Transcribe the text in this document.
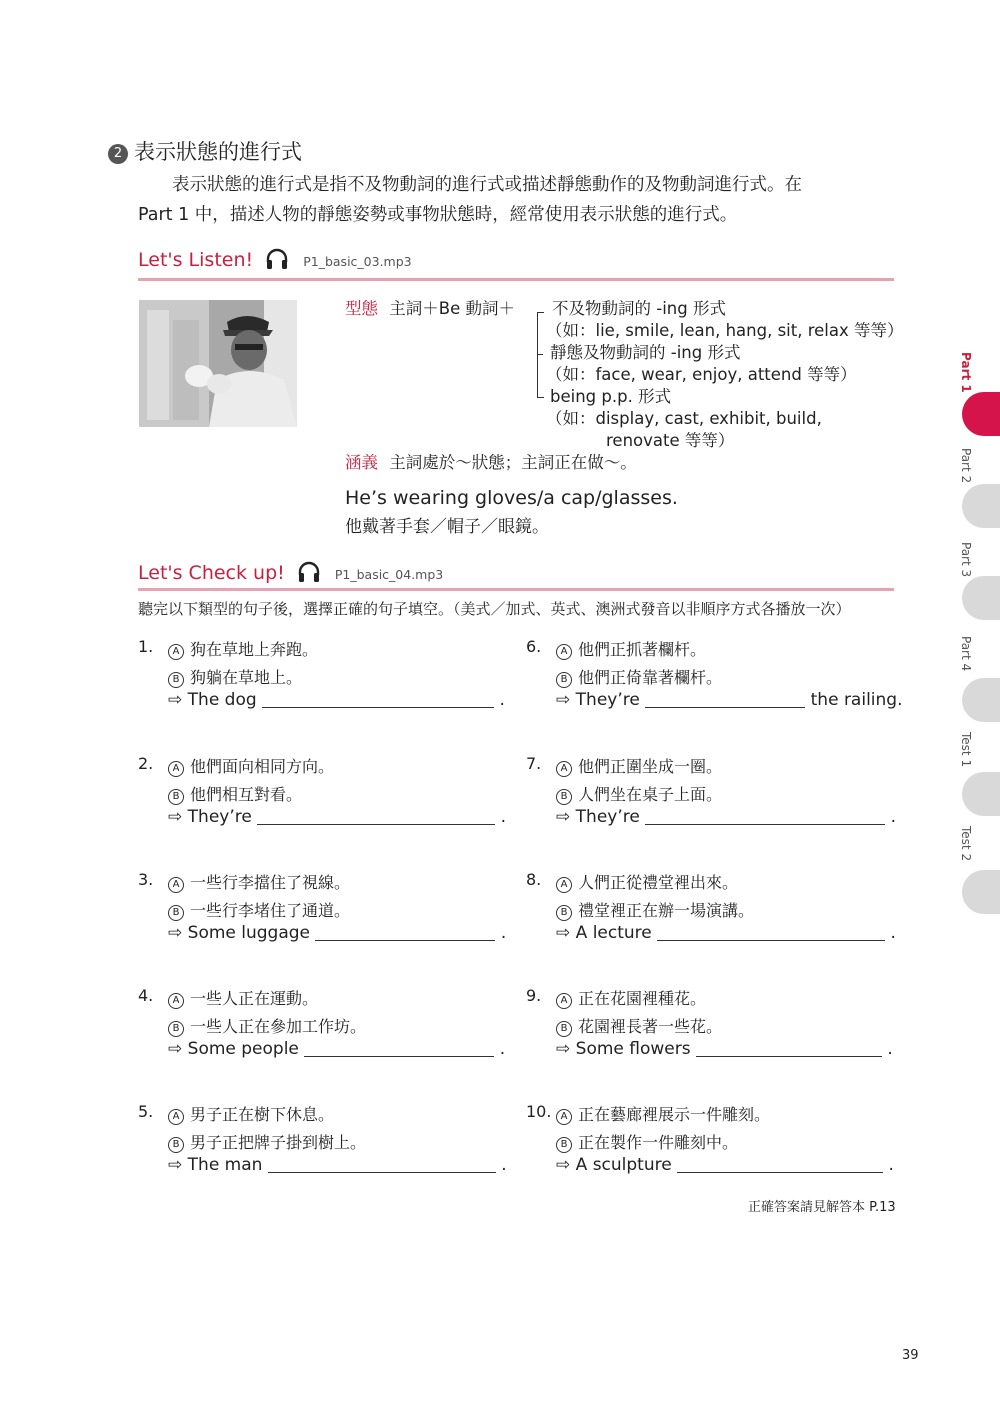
2 表示狀態的進行式
表示狀態的進行式是指不及物動詞的進行式或描述靜態動作的及物動詞進行式。在
Part 1 中，描述人物的靜態姿勢或事物狀態時，經常使用表示狀態的進行式。
Let's Listen!	P1_basic_03.mp3
型態 主詞＋Be 動詞＋ 不及物動詞的 -ing 形式
（如：lie, smile, lean, hang, sit, relax 等等）
靜態及物動詞的 -ing 形式
（如：face, wear, enjoy, attend 等等）
being p.p. 形式
（如：display, cast, exhibit, build,
renovate 等等）
涵義 主詞處於～狀態；主詞正在做～。
He’s wearing gloves/a cap/glasses.
他戴著手套／帽子／眼鏡。
Let's Check up!	P1_basic_04.mp3
聽完以下類型的句子後，選擇正確的句子填空。（美式／加式、英式、澳洲式發音以非順序方式各播放一次）
1.	A 狗在草地上奔跑。
B 狗躺在草地上。
⇨ The dog	.
2.	A 他們面向相同方向。
B 他們相互對看。
⇨ They’re	.
3.	A 一些行李擋住了視線。
B 一些行李堵住了通道。
⇨ Some luggage	.
4.	A 一些人正在運動。
B 一些人正在參加工作坊。
⇨ Some people	.
5.	A 男子正在樹下休息。
B 男子正把牌子掛到樹上。
⇨ The man	.
6.	A 他們正抓著欄杆。
B 他們正倚靠著欄杆。
⇨ They’re	the railing.
7.	A 他們正圍坐成一圈。
B 人們坐在桌子上面。
⇨ They’re	.
8.	A 人們正從禮堂裡出來。
B 禮堂裡正在辦一場演講。
⇨ A lecture	.
9.	A 正在花園裡種花。
B 花園裡長著一些花。
⇨ Some flowers	.
10. A 正在藝廊裡展示一件雕刻。
B 正在製作一件雕刻中。
⇨ A sculpture	.
正確答案請見解答本 P.13
39
Part 1
Part 2
Part 3
Part 4
Test 1
Test 2
